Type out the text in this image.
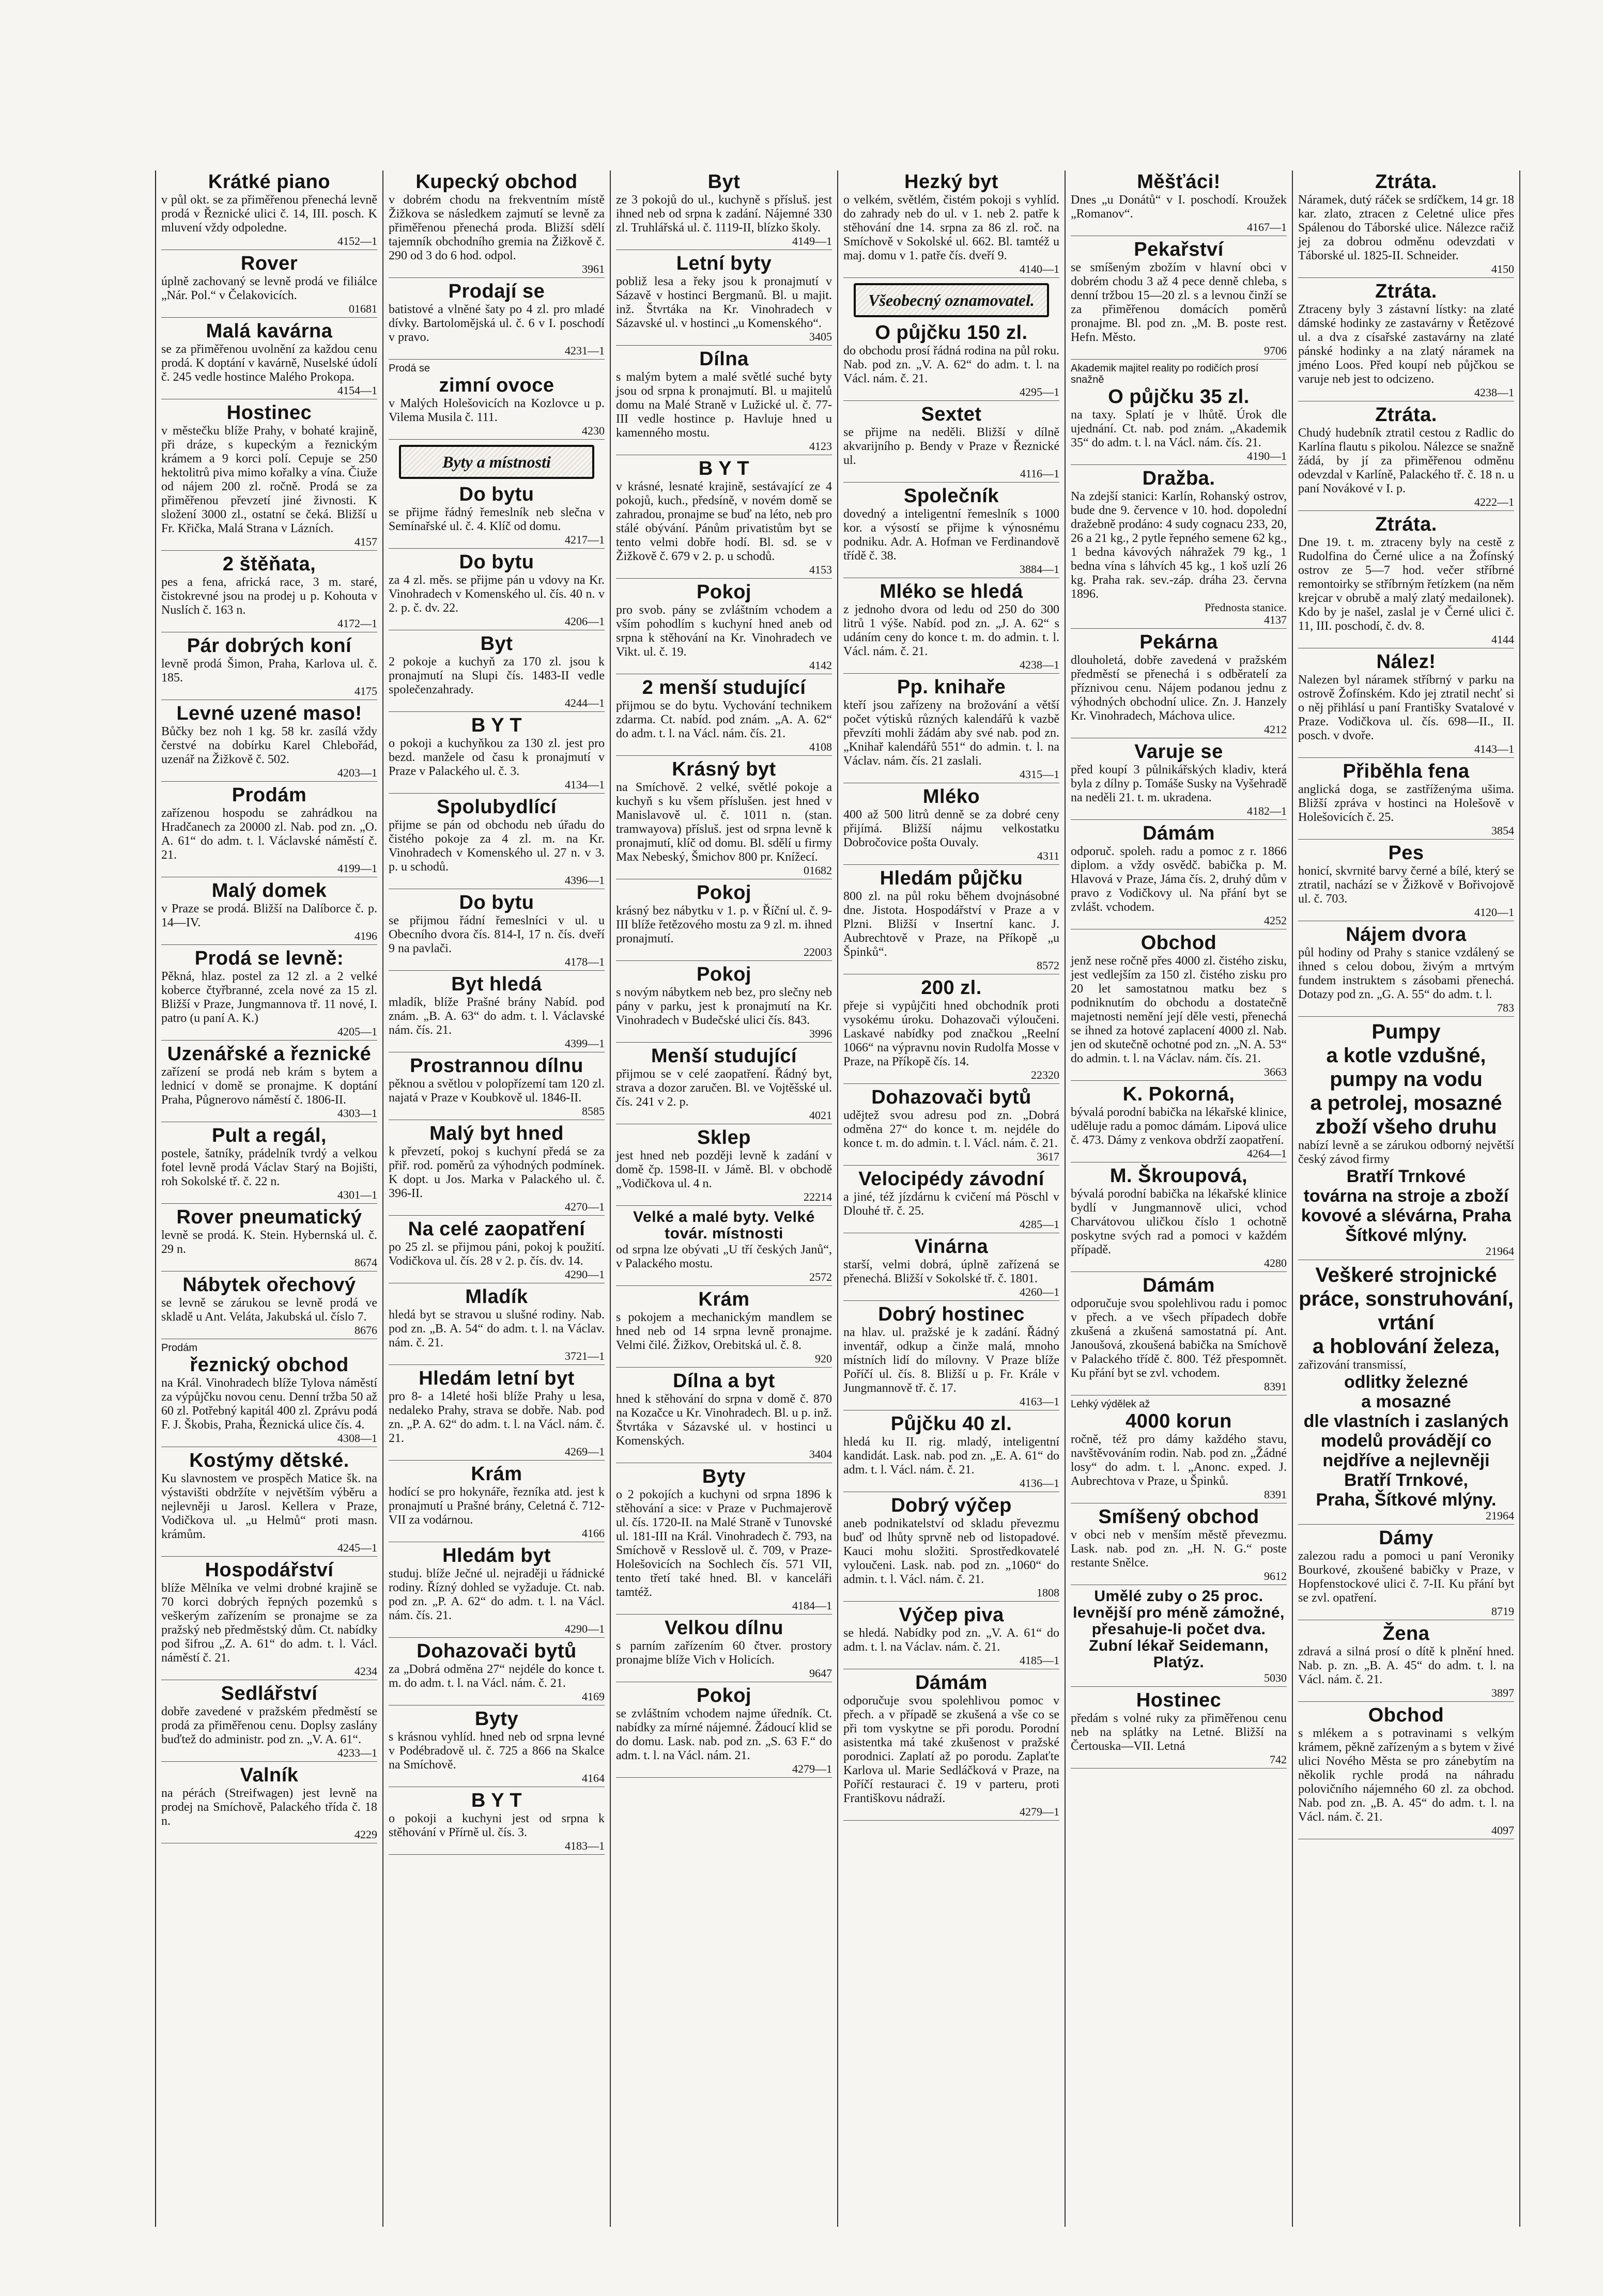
Krátké piano
v půl okt. se za přiměřenou přenechá levně prodá v Řeznické ulici č. 14, III. posch. K mluvení vždy odpoledne.
4152—1
Rover
úplně zachovaný se levně prodá ve filiálce „Nár. Pol.“ v Čelakovicích.
01681
Malá kavárna
se za přiměřenou uvolnění za každou cenu prodá. K doptání v kavárně, Nuselské údolí č. 245 vedle hostince Malého Prokopa.
4154—1
Hostinec
v městečku blíže Prahy, v bohaté krajině, při dráze, s kupeckým a řeznickým krámem a 9 korci polí. Cepuje se 250 hektolitrů piva mimo kořalky a vína. Čiuže od nájem 200 zl. ročně. Prodá se za přiměřenou převzetí jiné živnosti. K složení 3000 zl., ostatní se čeká. Bližší u Fr. Křička, Malá Strana v Lázních.
4157
2 štěňata,
pes a fena, africká race, 3 m. staré, čistokrevné jsou na prodej u p. Kohouta v Nuslích č. 163 n.
4172—1
Pár dobrých koní
levně prodá Šimon, Praha, Karlova ul. č. 185.
4175
Levné uzené maso!
Bůčky bez noh 1 kg. 58 kr. zasílá vždy čerstvé na dobírku Karel Chlebořád, uzenář na Žižkově č. 502.
4203—1
Prodám
zařízenou hospodu se zahrádkou na Hradčanech za 20000 zl. Nab. pod zn. „O. A. 61“ do adm. t. l. Václavské náměstí č. 21.
4199—1
Malý domek
v Praze se prodá. Bližší na Dalíborce č. p. 14—IV.
4196
Prodá se levně:
Pěkná, hlaz. postel za 12 zl. a 2 velké koberce čtyřbranné, zcela nové za 15 zl. Bližší v Praze, Jungmannova tř. 11 nové, I. patro (u paní A. K.)
4205—1
Uzenářské a řeznické
zařízení se prodá neb krám s bytem a lednicí v domě se pronajme. K doptání Praha, Půgnerovo náměstí č. 1806-II.
4303—1
Pult a regál,
postele, šatníky, prádelník tvrdý a velkou fotel levně prodá Václav Starý na Bojišti, roh Sokolské tř. č. 22 n.
4301—1
Rover pneumatický
levně se prodá. K. Stein. Hybernská ul. č. 29 n.
8674
Nábytek ořechový
se levně se zárukou se levně prodá ve skladě u Ant. Veláta, Jakubská ul. číslo 7.
8676
Prodám
řeznický obchod
na Král. Vinohradech blíže Tylova náměstí za výpůjčku novou cenu. Denní tržba 50 až 60 zl. Potřebný kapitál 400 zl. Zprávu podá F. J. Škobis, Praha, Řeznická ulice čís. 4.
4308—1
Kostýmy dětské.
Ku slavnostem ve prospěch Matice šk. na výstavišti obdržíte v největším výběru a nejlevněji u Jarosl. Kellera v Praze, Vodičkova ul. „u Helmů“ proti masn. krámům.
4245—1
Hospodářství
blíže Mělníka ve velmi drobné krajině se 70 korci dobrých řepných pozemků s veškerým zařízením se pronajme se za pražský neb předměstský dům. Ct. nabídky pod šifrou „Z. A. 61“ do adm. t. l. Václ. náměstí č. 21.
4234
Sedlářství
dobře zavedené v pražském předměstí se prodá za přiměřenou cenu. Doplsy zaslány buďtež do administr. pod zn. „V. A. 61“.
4233—1
Valník
na pérách (Streifwagen) jest levně na prodej na Smíchově, Palackého třída č. 18 n.
4229
Kupecký obchod
v dobrém chodu na frekventním místě Žižkova se následkem zajmutí se levně za přiměřenou přenechá proda. Bližší sdělí tajemník obchodního gremia na Žižkově č. 290 od 3 do 6 hod. odpol.
3961
Prodají se
batistové a vlněné šaty po 4 zl. pro mladé dívky. Bartolomějská ul. č. 6 v I. poschodí v pravo.
4231—1
Prodá se
zimní ovoce
v Malých Holešovicích na Kozlovce u p. Vilema Musila č. 111.
4230
Byty a místnosti
Do bytu
se přijme řádný řemeslník neb slečna v Semínařské ul. č. 4. Klíč od domu.
4217—1
Do bytu
za 4 zl. měs. se přijme pán u vdovy na Kr. Vinohradech v Komenského ul. čís. 40 n. v 2. p. č. dv. 22.
4206—1
Byt
2 pokoje a kuchyň za 170 zl. jsou k pronajmutí na Slupi čís. 1483-II vedle společenzahrady.
4244—1
B Y T
o pokoji a kuchyňkou za 130 zl. jest pro bezd. manžele od času k pronajmutí v Praze v Palackého ul. č. 3.
4134—1
Spolubydlící
přijme se pán od obchodu neb úřadu do čistého pokoje za 4 zl. m. na Kr. Vinohradech v Komenského ul. 27 n. v 3. p. u schodů.
4396—1
Do bytu
se přijmou řádní řemeslníci v ul. u Obecního dvora čís. 814-I, 17 n. čís. dveří 9 na pavlači.
4178—1
Byt hledá
mladík, blíže Prašné brány Nabíd. pod znám. „B. A. 63“ do adm. t. l. Václavské nám. čís. 21.
4399—1
Prostrannou dílnu
pěknou a světlou v polopřízemí tam 120 zl. najatá v Praze v Koubkově ul. 1846-II.
8585
Malý byt hned
k převzetí, pokoj s kuchyní předá se za přiř. rod. poměrů za výhodných podmínek. K dopt. u Jos. Marka v Palackého ul. č. 396-II.
4270—1
Na celé zaopatření
po 25 zl. se přijmou páni, pokoj k použití. Vodičkova ul. čís. 28 v 2. p. čís. dv. 14.
4290—1
Mladík
hledá byt se stravou u slušné rodiny. Nab. pod zn. „B. A. 54“ do adm. t. l. na Václav. nám. č. 21.
3721—1
Hledám letní byt
pro 8- a 14leté hoši blíže Prahy u lesa, nedaleko Prahy, strava se dobře. Nab. pod zn. „P. A. 62“ do adm. t. l. na Václ. nám. č. 21.
4269—1
Krám
hodící se pro hokynáře, řezníka atd. jest k pronajmutí u Prašné brány, Celetná č. 712-VII za vodárnou.
4166
Hledám byt
studuj. blíže Ječné ul. nejraději u řádnické rodiny. Řízný dohled se vyžaduje. Ct. nab. pod zn. „P. A. 62“ do adm. t. l. na Václ. nám. čís. 21.
4290—1
Dohazovači bytů
za „Dobrá odměna 27“ nejdéle do konce t. m. do adm. t. l. na Václ. nám. č. 21.
4169
Byty
s krásnou vyhlíd. hned neb od srpna levné v Podébradově ul. č. 725 a 866 na Skalce na Smíchově.
4164
B Y T
o pokoji a kuchyni jest od srpna k stěhování v Přírně ul. čís. 3.
4183—1
Byt
ze 3 pokojů do ul., kuchyně s přísluš. jest ihned neb od srpna k zadání. Nájemné 330 zl. Truhlářská ul. č. 1119-II, blízko školy.
4149—1
Letní byty
pobliž lesa a řeky jsou k pronajmutí v Sázavě v hostinci Bergmanů. Bl. u majit. inž. Štvrtáka na Kr. Vinohradech v Sázavské ul. v hostinci „u Komenského“.
3405
Dílna
s malým bytem a malé světlé suché byty jsou od srpna k pronajmutí. Bl. u majitelů domu na Malé Straně v Lužické ul. č. 77-III vedle hostince p. Havluje hned u kamenného mostu.
4123
B Y T
v krásné, lesnaté krajině, sestávající ze 4 pokojů, kuch., předsíně, v novém domě se zahradou, pronajme se buď na léto, neb pro stálé obývání. Pánům privatistům byt se tento velmi dobře hodí. Bl. sd. se v Žižkově č. 679 v 2. p. u schodů.
4153
Pokoj
pro svob. pány se zvláštním vchodem a vším pohodlím s kuchyní hned aneb od srpna k stěhování na Kr. Vinohradech ve Vikt. ul. č. 19.
4142
2 menší studující
přijmou se do bytu. Vychování technikem zdarma. Ct. nabíd. pod znám. „A. A. 62“ do adm. t. l. na Václ. nám. čís. 21.
4108
Krásný byt
na Smíchově. 2 velké, světlé pokoje a kuchyň s ku všem příslušen. jest hned v Manislavově ul. č. 1011 n. (stan. tramwayova) přísluš. jest od srpna levně k pronajmutí, klíč od domu. Bl. sdělí u firmy Max Nebeský, Šmichov 800 pr. Knížecí.
01682
Pokoj
krásný bez nábytku v 1. p. v Říční ul. č. 9-III blíže řetězového mostu za 9 zl. m. ihned pronajmutí.
22003
Pokoj
s novým nábytkem neb bez, pro slečny neb pány v parku, jest k pronajmutí na Kr. Vinohradech v Budečské ulici čís. 843.
3996
Menší studující
přijmou se v celé zaopatření. Řádný byt, strava a dozor zaručen. Bl. ve Vojtěšské ul. čís. 241 v 2. p.
4021
Sklep
jest hned neb později levně k zadání v domě čp. 1598-II. v Jámě. Bl. v obchodě „Vodičkova ul. 4 n.
22214
Velké a malé byty. Velké továr. místnosti
od srpna lze obývati „U tří českých Janů“, v Palackého mostu.
2572
Krám
s pokojem a mechanickým mandlem se hned neb od 14 srpna levně pronajme. Velmi čilé. Žižkov, Orebitská ul. č. 8.
920
Dílna a byt
hned k stěhování do srpna v domě č. 870 na Kozačce u Kr. Vinohradech. Bl. u p. inž. Štvrtáka v Sázavské ul. v hostinci u Komenských.
3404
Byty
o 2 pokojích a kuchyni od srpna 1896 k stěhování a sice: v Praze v Puchmajerově ul. čís. 1720-II. na Malé Straně v Tunovské ul. 181-III na Král. Vinohradech č. 793, na Smíchově v Resslově ul. č. 709, v Praze-Holešovicích na Sochlech čís. 571 VII, tento třetí také hned. Bl. v kanceláři tamtéž.
4184—1
Velkou dílnu
s parním zařízením 60 čtver. prostory pronajme blíže Vich v Holicích.
9647
Pokoj
se zvláštním vchodem najme úředník. Ct. nabídky za mírné nájemné. Žádoucí klid se do domu. Lask. nab. pod zn. „S. 63 F.“ do adm. t. l. na Václ. nám. 21.
4279—1
Hezký byt
o velkém, světlém, čistém pokoji s vyhlíd. do zahrady neb do ul. v 1. neb 2. patře k stěhování dne 14. srpna za 86 zl. roč. na Smíchově v Sokolské ul. 662. Bl. tamtéž u maj. domu v 1. patře čís. dveří 9.
4140—1
Všeobecný oznamovatel.
O půjčku 150 zl.
do obchodu prosí řádná rodina na půl roku. Nab. pod zn. „V. A. 62“ do adm. t. l. na Václ. nám. č. 21.
4295—1
Sextet
se přijme na neděli. Bližší v dílně akvarijního p. Bendy v Praze v Řeznické ul.
4116—1
Společník
dovedný a inteligentní řemeslník s 1000 kor. a výsostí se přijme k výnosnému podniku. Adr. A. Hofman ve Ferdinandově třídě č. 38.
3884—1
Mléko se hledá
z jednoho dvora od ledu od 250 do 300 litrů 1 výše. Nabíd. pod zn. „J. A. 62“ s udáním ceny do konce t. m. do admin. t. l. Václ. nám. č. 21.
4238—1
Pp. knihaře
kteří jsou zařízeny na brožování a větší počet výtisků různých kalendářů k vazbě převzíti mohli žádám aby své nab. pod zn. „Knihař kalendářů 551“ do admin. t. l. na Václav. nám. čís. 21 zaslali.
4315—1
Mléko
400 až 500 litrů denně se za dobré ceny přijímá. Bližší nájmu velkostatku Dobročovice pošta Ouvaly.
4311
Hledám půjčku
800 zl. na půl roku během dvojnásobné dne. Jistota. Hospodářství v Praze a v Plzni. Bližší v Insertní kanc. J. Aubrechtově v Praze, na Příkopě „u Špinků“.
8572
200 zl.
přeje si vypůjčiti hned obchodník proti vysokému úroku. Dohazovači výloučeni. Laskavé nabídky pod značkou „Reelní 1066“ na výpravnu novin Rudolfa Mosse v Praze, na Příkopě čís. 14.
22320
Dohazovači bytů
udějtež svou adresu pod zn. „Dobrá odměna 27“ do konce t. m. nejdéle do konce t. m. do admin. t. l. Václ. nám. č. 21.
3617
Velocipédy závodní
a jiné, též jízdárnu k cvičení má Pöschl v Dlouhé tř. č. 25.
4285—1
Vinárna
starší, velmi dobrá, úplně zařízená se přenechá. Bližší v Sokolské tř. č. 1801.
4260—1
Dobrý hostinec
na hlav. ul. pražské je k zadání. Řádný inventář, odkup a činže malá, mnoho místních lidí do mílovny. V Praze blíže Poříčí ul. čís. 8. Bližší u p. Fr. Krále v Jungmannově tř. č. 17.
4163—1
Půjčku 40 zl.
hledá ku II. rig. mladý, inteligentní kandidát. Lask. nab. pod zn. „E. A. 61“ do adm. t. l. Václ. nám. č. 21.
4136—1
Dobrý výčep
aneb podnikatelství od skladu převezmu buď od lhůty sprvně neb od listopadové. Kauci mohu složiti. Sprostředkovatelé vyloučeni. Lask. nab. pod zn. „1060“ do admin. t. l. Václ. nám. č. 21.
1808
Výčep piva
se hledá. Nabídky pod zn. „V. A. 61“ do adm. t. l. na Václav. nám. č. 21.
4185—1
Dámám
odporučuje svou spolehlivou pomoc v přech. a v případě se zkušená a vše co se při tom vyskytne se při porodu. Porodní asistentka má také zkušenost v pražské porodnici. Zaplatí až po porodu. Zaplaťte Karlova ul. Marie Sedláčková v Praze, na Poříčí restauraci č. 19 v parteru, proti Františkovu nádraží.
4279—1
Měšťáci!
Dnes „u Donátů“ v I. poschodí. Kroužek „Romanov“.
4167—1
Pekařství
se smíšeným zbožím v hlavní obci v dobrém chodu 3 až 4 pece denně chleba, s denní tržbou 15—20 zl. s a levnou činží se za přiměřenou domácích poměrů pronajme. Bl. pod zn. „M. B. poste rest. Hefn. Město.
9706
Akademik majitel reality po rodičích prosí snažně
O půjčku 35 zl.
na taxy. Splatí je v lhůtě. Úrok dle ujednání. Ct. nab. pod znám. „Akademik 35“ do adm. t. l. na Václ. nám. čís. 21.
4190—1
Dražba.
Na zdejší stanici: Karlín, Rohanský ostrov, bude dne 9. července v 10. hod. dopolední dražebně prodáno: 4 sudy cognacu 233, 20, 26 a 21 kg., 2 pytle řepného semene 62 kg., 1 bedna kávových náhražek 79 kg., 1 bedna vína s láhvích 45 kg., 1 koš uzlí 26 kg. Praha rak. sev.-záp. dráha 23. června 1896.
Přednosta stanice.
4137
Pekárna
dlouholetá, dobře zavedená v pražském předměstí se přenechá i s odběratelí za příznivou cenu. Nájem podanou jednu z výhodných obchodní ulice. Zn. J. Hanzely Kr. Vinohradech, Máchova ulice.
4212
Varuje se
před koupí 3 půlnikářských kladiv, která byla z dílny p. Tomáše Susky na Vyšehradě na neděli 21. t. m. ukradena.
4182—1
Dámám
odporuč. spoleh. radu a pomoc z r. 1866 diplom. a vždy osvědč. babička p. M. Hlavová v Praze, Jáma čís. 2, druhý dům v pravo z Vodičkovy ul. Na přání byt se zvlášt. vchodem.
4252
Obchod
jenž nese ročně přes 4000 zl. čistého zisku, jest vedlejším za 150 zl. čistého zisku pro 20 let samostatnou matku bez s podniknutím do obchodu a dostatečně majetnosti nemění její děle vesti, přenechá se ihned za hotové zaplacení 4000 zl. Nab. jen od skutečně ochotné pod zn. „N. A. 53“ do admin. t. l. na Václav. nám. čís. 21.
3663
K. Pokorná,
bývalá porodní babička na lékařské klinice, uděluje radu a pomoc dámám. Lipová ulice č. 473. Dámy z venkova obdrží zaopatření.
4264—1
M. Škroupová,
bývalá porodní babička na lékařské klinice bydlí v Jungmannově ulici, vchod Charvátovou uličkou číslo 1 ochotně poskytne svých rad a pomoci v každém případě.
4280
Dámám
odporučuje svou spolehlivou radu i pomoc v přech. a ve všech případech dobře zkušená a zkušená samostatná pí. Ant. Janoušová, zkoušená babička na Smíchově v Palackého třídě č. 800. Též přespomnět. Ku přání byt se zvl. vchodem.
8391
Lehký výdělek až
4000 korun
ročně, též pro dámy každého stavu, navštěvováním rodin. Nab. pod zn. „Žádné losy“ do adm. t. l. „Anonc. exped. J. Aubrechtova v Praze, u Špinků.
8391
Smíšený obchod
v obci neb v menším městě převezmu. Lask. nab. pod zn. „H. N. G.“ poste restante Snělce.
9612
Umělé zuby o 25 proc. levnější pro méně zámožné, přesahuje-li počet dva. Zubní lékař Seidemann, Platýz.
5030
Hostinec
předám s volné ruky za přiměřenou cenu neb na splátky na Letné. Bližší na Čertouska—VII. Letná
742
Ztráta.
Náramek, dutý ráček se srdíčkem, 14 gr. 18 kar. zlato, ztracen z Celetné ulice přes Spálenou do Táborské ulice. Nálezce račiž jej za dobrou odměnu odevzdati v Táborské ul. 1825-II. Schneider.
4150
Ztráta.
Ztraceny byly 3 zástavní lístky: na zlaté dámské hodinky ze zastavárny v Řetězové ul. a dva z císařské zastavárny na zlaté pánské hodinky a na zlatý náramek na jméno Loos. Před koupí neb půjčkou se varuje neb jest to odcizeno.
4238—1
Ztráta.
Chudý hudebník ztratil cestou z Radlic do Karlína flautu s pikolou. Nálezce se snažně žádá, by jí za přiměřenou odměnu odevzdal v Karlíně, Palackého tř. č. 18 n. u paní Novákové v I. p.
4222—1
Ztráta.
Dne 19. t. m. ztraceny byly na cestě z Rudolfina do Černé ulice a na Žofínský ostrov ze 5—7 hod. večer stříbrné remontoirky se stříbrným řetízkem (na něm krejcar v obrubě a malý zlatý medailonek). Kdo by je našel, zaslal je v Černé ulici č. 11, III. poschodí, č. dv. 8.
4144
Nález!
Nalezen byl náramek stříbrný v parku na ostrově Žofínském. Kdo jej ztratil nechť si o něj přihlásí u paní Františky Svatalové v Praze. Vodičkova ul. čís. 698—II., II. posch. v dvoře.
4143—1
Přiběhla fena
anglická doga, se zastříženýma ušima. Bližší zpráva v hostinci na Holešově v Holešovicích č. 25.
3854
Pes
honicí, skvrnité barvy černé a bílé, který se ztratil, nachází se v Žižkově v Bořivojově ul. č. 703.
4120—1
Nájem dvora
půl hodiny od Prahy s stanice vzdálený se ihned s celou dobou, živým a mrtvým fundem instruktem s zásobami přenechá. Dotazy pod zn. „G. A. 55“ do adm. t. l.
783
Pumpy
a kotle vzdušné,
pumpy na vodu
a petrolej, mosazné
zboží všeho druhu
nabízí levně a se zárukou odborný největší český závod firmy
Bratří Trnkové
továrna na stroje a zboží kovové a slévárna, Praha
Šítkové mlýny.
21964
Veškeré strojnické
práce, sonstruhování,
vrtání
a hoblování železa,
zařizování transmissí,
odlitky železné
a mosazné
dle vlastních i zaslaných modelů provádějí co nejdříve a nejlevněji
Bratří Trnkové,
Praha, Šítkové mlýny.
21964
Dámy
zalezou radu a pomoci u paní Veroniky Bourkové, zkoušené babičky v Praze, v Hopfenstockové ulici č. 7-II. Ku přání byt se zvl. opatření.
8719
Žena
zdravá a silná prosí o dítě k plnění hned. Nab. p. zn. „B. A. 45“ do adm. t. l. na Václ. nám. č. 21.
3897
Obchod
s mlékem a s potravinami s velkým krámem, pěkně zařízeným a s bytem v živé ulici Nového Města se pro zánebytím na několik rychle prodá na náhradu polovičního nájemného 60 zl. za obchod. Nab. pod zn. „B. A. 45“ do adm. t. l. na Václ. nám. č. 21.
4097
